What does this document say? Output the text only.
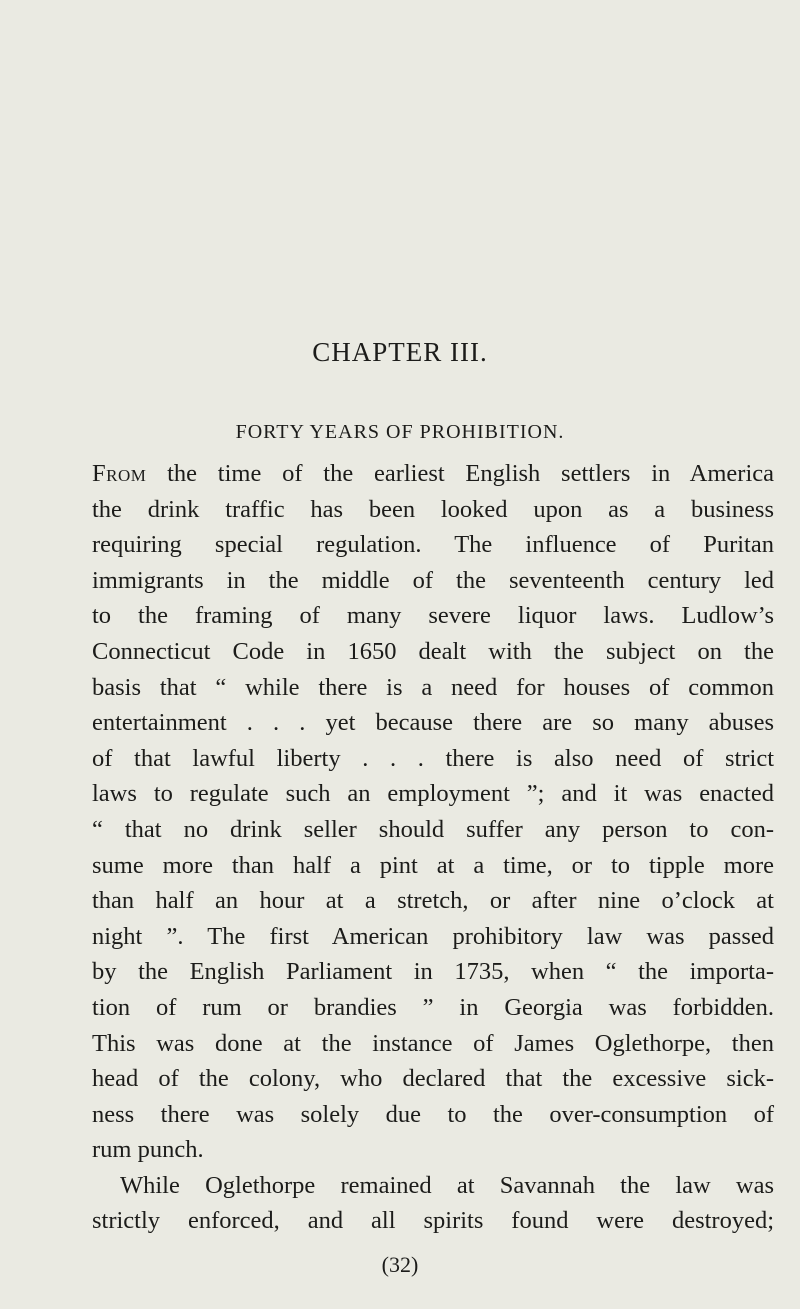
CHAPTER III.
FORTY YEARS OF PROHIBITION.
From the time of the earliest English settlers in America
the drink traffic has been looked upon as a business
requiring special regulation. The influence of Puritan
immigrants in the middle of the seventeenth century led
to the framing of many severe liquor laws. Ludlow’s
Connecticut Code in 1650 dealt with the subject on the
basis that “ while there is a need for houses of common
entertainment . . . yet because there are so many abuses
of that lawful liberty . . . there is also need of strict
laws to regulate such an employment ”; and it was enacted
“ that no drink seller should suffer any person to con-
sume more than half a pint at a time, or to tipple more
than half an hour at a stretch, or after nine o’clock at
night ”. The first American prohibitory law was passed
by the English Parliament in 1735, when “ the importa-
tion of rum or brandies ” in Georgia was forbidden.
This was done at the instance of James Oglethorpe, then
head of the colony, who declared that the excessive sick-
ness there was solely due to the over-consumption of
rum punch.
While Oglethorpe remained at Savannah the law was
strictly enforced, and all spirits found were destroyed;
(32)
